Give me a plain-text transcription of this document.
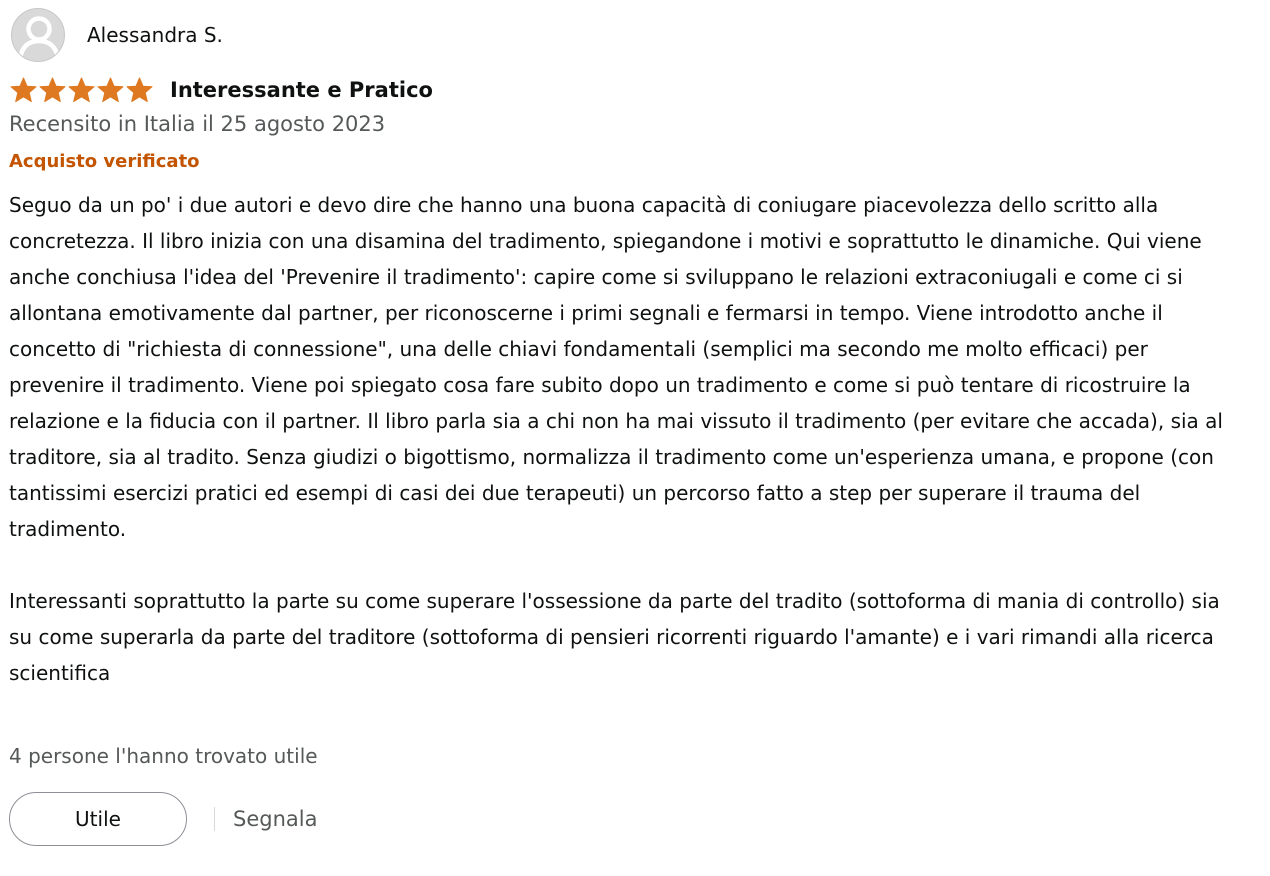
Alessandra S.
Interessante e Pratico
Recensito in Italia il 25 agosto 2023
Acquisto verificato

Seguo da un po' i due autori e devo dire che hanno una buona capacità di coniugare piacevolezza dello scritto alla concretezza. Il libro inizia con una disamina del tradimento, spiegandone i motivi e soprattutto le dinamiche. Qui viene anche conchiusa l'idea del 'Prevenire il tradimento': capire come si sviluppano le relazioni extraconiugali e come ci si allontana emotivamente dal partner, per riconoscerne i primi segnali e fermarsi in tempo. Viene introdotto anche il concetto di "richiesta di connessione", una delle chiavi fondamentali (semplici ma secondo me molto efficaci) per prevenire il tradimento. Viene poi spiegato cosa fare subito dopo un tradimento e come si può tentare di ricostruire la relazione e la fiducia con il partner. Il libro parla sia a chi non ha mai vissuto il tradimento (per evitare che accada), sia al traditore, sia al tradito. Senza giudizi o bigottismo, normalizza il tradimento come un'esperienza umana, e propone (con tantissimi esercizi pratici ed esempi di casi dei due terapeuti) un percorso fatto a step per superare il trauma del tradimento.

Interessanti soprattutto la parte su come superare l'ossessione da parte del tradito (sottoforma di mania di controllo) sia su come superarla da parte del traditore (sottoforma di pensieri ricorrenti riguardo l'amante) e i vari rimandi alla ricerca scientifica

4 persone l'hanno trovato utile
Utile	Segnala
